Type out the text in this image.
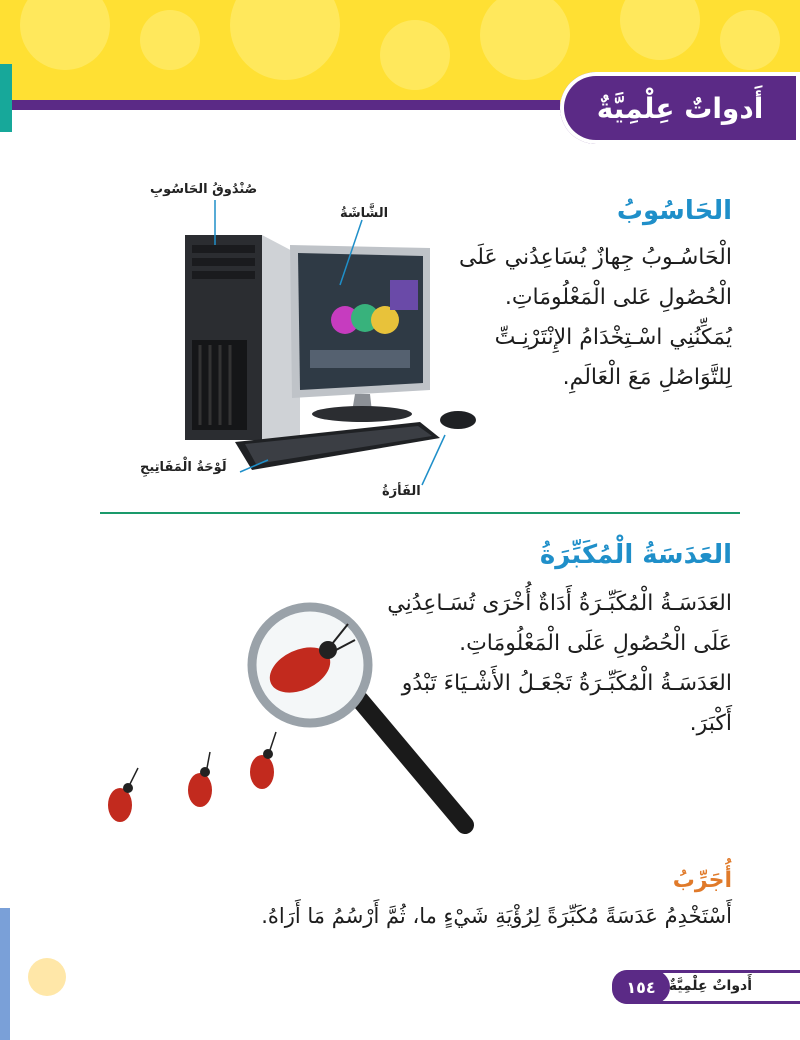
أَدواتٌ عِلْمِيَّةٌ
الحَاسُوبُ
الْحَاسُـوبُ جِهازٌ يُسَاعِدُني عَلَى
الْحُصُولِ عَلى الْمَعْلُومَاتِ.
يُمَكِّنُنِي اسْـتِخْدَامُ الإِنْتَرْنِـتِّ
لِلتَّوَاصُلِ مَعَ الْعَالَمِ.
صُنْدُوقُ الحَاسُوبِ
الشَّاشَةُ
لَوْحَةُ الْمَفَاتِيحِ
الفَأرَةُ
العَدَسَةُ الْمُكَبِّرَةُ
العَدَسَـةُ الْمُكَبِّـرَةُ أَدَاةٌ أُخْرَى تُسَـاعِدُنِي
عَلَى الْحُصُولِ عَلَى الْمَعْلُومَاتِ.
العَدَسَـةُ الْمُكَبِّـرَةُ تَجْعَـلُ الأَشْـيَاءَ تَبْدُو
أَكْبَرَ.
أُجَرِّبُ
أَسْتَخْدِمُ عَدَسَةً مُكَبِّرَةً لِرُؤْيَةِ شَيْءٍ ما، ثُمَّ أَرْسُمُ مَا أَرَاهُ.
١٥٤ أَدواتٌ عِلْمِيَّةٌ
